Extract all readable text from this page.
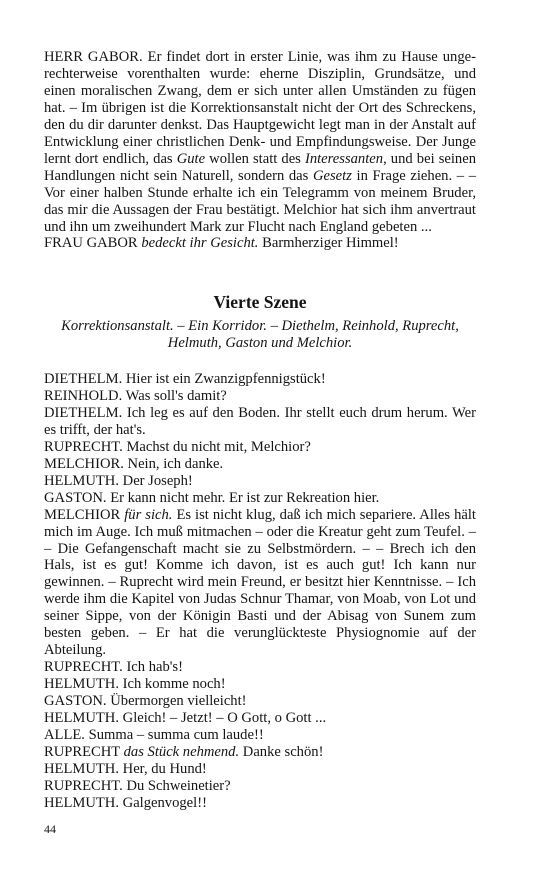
HERR GABOR. Er findet dort in erster Linie, was ihm zu Hause ungerechterweise vorenthalten wurde: eherne Disziplin, Grundsätze, und einen moralischen Zwang, dem er sich unter allen Umständen zu fügen hat. – Im übrigen ist die Korrektionsanstalt nicht der Ort des Schreckens, den du dir darunter denkst. Das Hauptgewicht legt man in der Anstalt auf Entwicklung einer christlichen Denk- und Empfindungsweise. Der Junge lernt dort endlich, das Gute wollen statt des Interessanten, und bei seinen Handlungen nicht sein Naturell, sondern das Gesetz in Frage ziehen. – – Vor einer halben Stunde erhalte ich ein Telegramm von meinem Bruder, das mir die Aussagen der Frau bestätigt. Melchior hat sich ihm anvertraut und ihn um zweihundert Mark zur Flucht nach England gebeten ...

FRAU GABOR bedeckt ihr Gesicht. Barmherziger Himmel!

Vierte Szene
Korrektionsanstalt. – Ein Korridor. – Diethelm, Reinhold, Ruprecht,
Helmuth, Gaston und Melchior.

DIETHELM. Hier ist ein Zwanzigpfennigstück!

REINHOLD. Was soll's damit?

DIETHELM. Ich leg es auf den Boden. Ihr stellt euch drum herum. Wer es trifft, der hat's.

RUPRECHT. Machst du nicht mit, Melchior?

MELCHIOR. Nein, ich danke.

HELMUTH. Der Joseph!

GASTON. Er kann nicht mehr. Er ist zur Rekreation hier.

MELCHIOR für sich. Es ist nicht klug, daß ich mich separiere. Alles hält mich im Auge. Ich muß mitmachen – oder die Kreatur geht zum Teufel. – – Die Gefangenschaft macht sie zu Selbstmördern. – – Brech ich den Hals, ist es gut! Komme ich davon, ist es auch gut! Ich kann nur gewinnen. – Ruprecht wird mein Freund, er besitzt hier Kenntnisse. – Ich werde ihm die Kapitel von Judas Schnur Thamar, von Moab, von Lot und seiner Sippe, von der Königin Basti und der Abisag von Sunem zum besten geben. – Er hat die verunglückteste Physiognomie auf der Abteilung.

RUPRECHT. Ich hab's!

HELMUTH. Ich komme noch!

GASTON. Übermorgen vielleicht!

HELMUTH. Gleich! – Jetzt! – O Gott, o Gott ...

ALLE. Summa – summa cum laude!!

RUPRECHT das Stück nehmend. Danke schön!

HELMUTH. Her, du Hund!

RUPRECHT. Du Schweinetier?

HELMUTH. Galgenvogel!!

44
